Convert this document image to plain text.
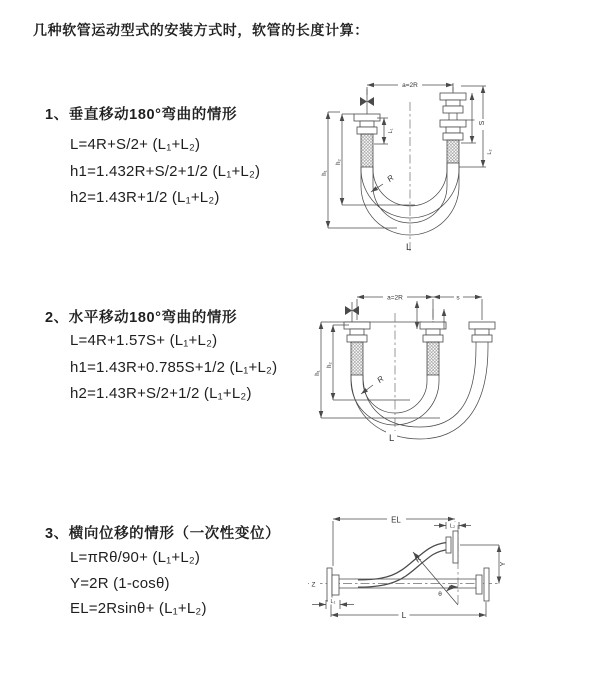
几种软管运动型式的安装方式时，软管的长度计算：
1、垂直移动180°弯曲的情形
L=4R+S/2+ (L₁+L₂)
h1=1.432R+S/2+1/2 (L₁+L₂)
h2=1.43R+1/2 (L₁+L₂)
2、水平移动180°弯曲的情形
L=4R+1.57S+ (L₁+L₂)
h1=1.43R+0.785S+1/2 (L₁+L₂)
h2=1.43R+S/2+1/2 (L₁+L₂)
3、横向位移的情形（一次性变位）
L=πRθ/90+ (L₁+L₂)
Y=2R (1-cosθ)
EL=2Rsinθ+ (L₁+L₂)
a=2R
S
L₂
L₁
h₂
h₁
R
L
a=2R	s
h₂
h₁
R
L
EL
L₂
Y
R
θ
L
L₁
Z
